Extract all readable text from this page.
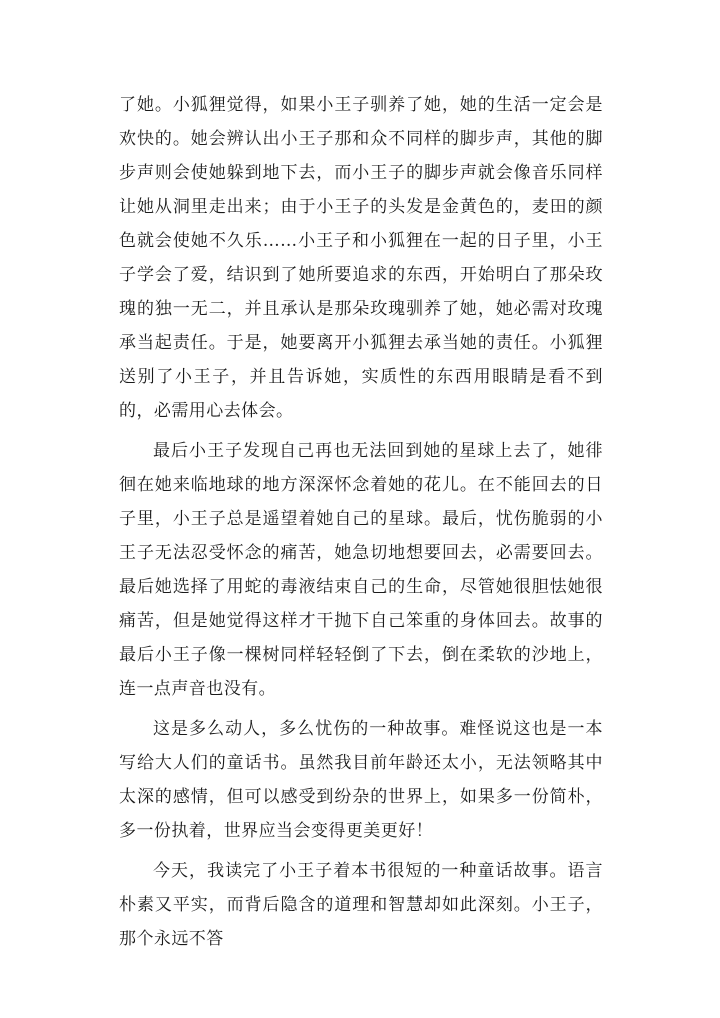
了她。小狐狸觉得，如果小王子驯养了她，她的生活一定会是欢快的。她会辨认出小王子那和众不同样的脚步声，其他的脚步声则会使她躲到地下去，而小王子的脚步声就会像音乐同样让她从洞里走出来；由于小王子的头发是金黄色的，麦田的颜色就会使她不久乐……小王子和小狐狸在一起的日子里，小王子学会了爱，结识到了她所要追求的东西，开始明白了那朵玫瑰的独一无二，并且承认是那朵玫瑰驯养了她，她必需对玫瑰承当起责任。于是，她要离开小狐狸去承当她的责任。小狐狸送别了小王子，并且告诉她，实质性的东西用眼睛是看不到的，必需用心去体会。

最后小王子发现自己再也无法回到她的星球上去了，她徘徊在她来临地球的地方深深怀念着她的花儿。在不能回去的日子里，小王子总是遥望着她自己的星球。最后，忧伤脆弱的小王子无法忍受怀念的痛苦，她急切地想要回去，必需要回去。最后她选择了用蛇的毒液结束自己的生命，尽管她很胆怯她很痛苦，但是她觉得这样才干抛下自己笨重的身体回去。故事的最后小王子像一棵树同样轻轻倒了下去，倒在柔软的沙地上，连一点声音也没有。

这是多么动人，多么忧伤的一种故事。难怪说这也是一本写给大人们的童话书。虽然我目前年龄还太小，无法领略其中太深的感情，但可以感受到纷杂的世界上，如果多一份简朴，多一份执着，世界应当会变得更美更好！

今天，我读完了小王子着本书很短的一种童话故事。语言朴素又平实，而背后隐含的道理和智慧却如此深刻。小王子，那个永远不答
